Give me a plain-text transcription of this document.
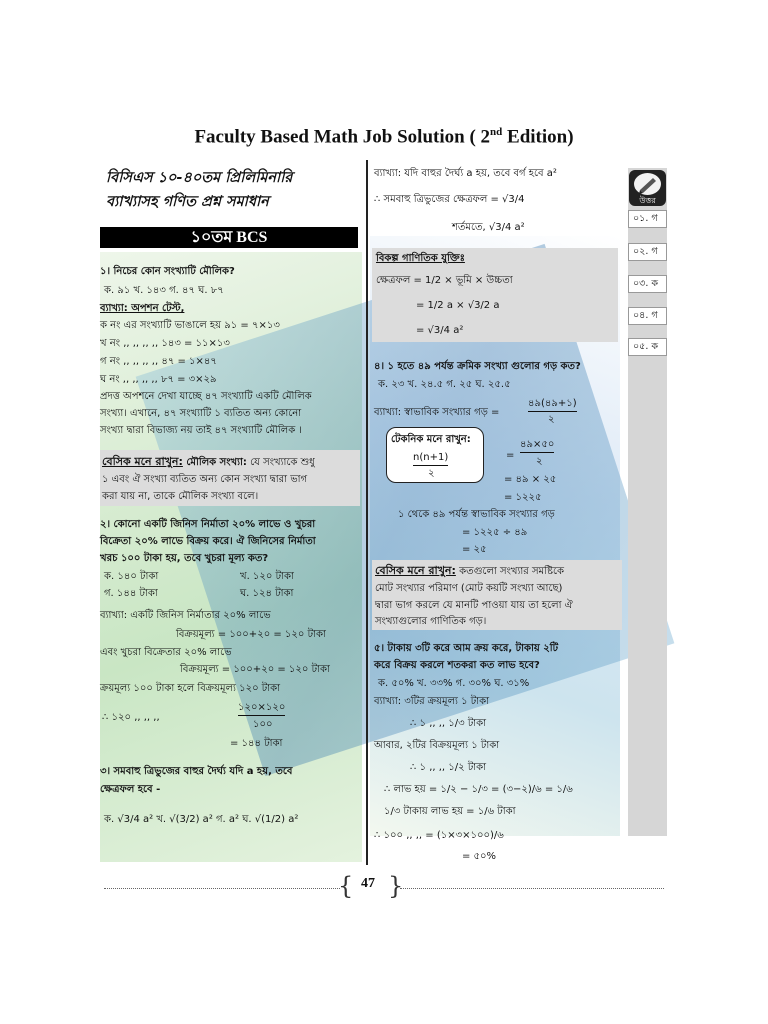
Faculty Based Math Job Solution ( 2nd Edition)
বিসিএস ১০-৪০তম প্রিলিমিনারি
ব্যাখ্যাসহ গণিত প্রশ্ন সমাধান
১০তম BCS
১। নিচের কোন সংখ্যাটি মৌলিক?
ক. ৯১ খ. ১৪৩ গ. ৪৭ ঘ. ৮৭
ব্যাখ্যা: অপশন টেস্ট,
ক নং এর সংখ্যাটি ভাঙালে হয় ৯১ = ৭×১৩
খ নং ,, ,, ,, ,, ১৪৩ = ১১×১৩
গ নং ,, ,, ,, ,, ৪৭ = ১×৪৭
ঘ নং ,, ,, ,, ,, ৮৭ = ৩×২৯
প্রদত্ত অপশনে দেখা যাচ্ছে ৪৭ সংখ্যাটি একটি মৌলিক
সংখ্যা। এখানে, ৪৭ সংখ্যাটি ১ ব্যতিত অন্য কোনো
সংখ্যা দ্বারা বিভাজ্য নয় তাই ৪৭ সংখ্যাটি মৌলিক ।
বেসিক মনে রাখুন: মৌলিক সংখ্যা: যে সংখ্যাকে শুধু
১ এবং ঐ সংখ্যা ব্যতিত অন্য কোন সংখ্যা দ্বারা ভাগ
করা যায় না, তাকে মৌলিক সংখ্যা বলে।
২। কোনো একটি জিনিস নির্মাতা ২০% লাভে ও খুচরা
বিক্রেতা ২০% লাভে বিক্রয় করে। ঐ জিনিসের নির্মাতা
খরচ ১০০ টাকা হয়, তবে খুচরা মূল্য কত?
ক. ১৪০ টাকা	খ. ১২০ টাকা
গ. ১৪৪ টাকা	ঘ. ১২৪ টাকা
ব্যাখ্যা: একটি জিনিস নির্মাতার ২০% লাভে
বিক্রয়মূল্য = ১০০+২০ = ১২০ টাকা
এবং খুচরা বিক্রেতার ২০% লাভে
বিক্রয়মূল্য = ১০০+২০ = ১২০ টাকা
ক্রয়মূল্য ১০০ টাকা হলে বিক্রয়মূল্য ১২০ টাকা
১২০×১২০
∴ ১২০ ,, ,, ,,
১০০
= ১৪৪ টাকা
৩। সমবাহু ত্রিভুজের বাহুর দৈর্ঘ্য যদি a হয়, তবে
ক্ষেত্রফল হবে -
ক. √3/4 a² খ. √(3/2) a² গ. a² ঘ. √(1/2) a²
ব্যাখ্যা: যদি বাহুর দৈর্ঘ্য a হয়, তবে বর্গ হবে a²
∴ সমবাহু ত্রিভুজের ক্ষেত্রফল = √3/4
শর্তমতে, √3/4 a²
বিকল্প গাণিতিক যুক্তিঃ
ক্ষেত্রফল = 1/2 × ভূমি × উচ্চতা
= 1/2 a × √3/2 a
= √3/4 a²
৪। ১ হতে ৪৯ পর্যন্ত ক্রমিক সংখ্যা গুলোর গড় কত?
ক. ২৩ খ. ২৪.৫ গ. ২৫ ঘ. ২৫.৫
ব্যাখ্যা: স্বাভাবিক সংখ্যার গড় =
৪৯(৪৯+১)
২
টেকনিক মনে রাখুন:
n(n+1)
২
=
৪৯×৫০
২
= ৪৯ × ২৫
= ১২২৫
১ থেকে ৪৯ পর্যন্ত স্বাভাবিক সংখ্যার গড়
= ১২২৫ ÷ ৪৯
= ২৫
বেসিক মনে রাখুন: কতগুলো সংখ্যার সমষ্টিকে
মোট সংখ্যার পরিমাণ (মোট কয়টি সংখ্যা আছে)
দ্বারা ভাগ করলে যে মানটি পাওয়া যায় তা হলো ঐ
সংখ্যাগুলোর গাণিতিক গড়।
৫। টাকায় ৩টি করে আম ক্রয় করে, টাকায় ২টি
করে বিক্রয় করলে শতকরা কত লাভ হবে?
ক. ৫০% খ. ৩৩% গ. ৩০% ঘ. ৩১%
ব্যাখ্যা: ৩টির ক্রয়মূল্য ১ টাকা
∴ ১ ,, ,, ১/৩ টাকা
আবার, ২টির বিক্রয়মূল্য ১ টাকা
∴ ১ ,, ,, ১/২ টাকা
∴ লাভ হয় = ১/২ − ১/৩ = (৩−২)/৬ = ১/৬
১/৩ টাকায় লাভ হয় = ১/৬ টাকা
∴ ১০০ ,, ,, = (১×৩×১০০)/৬
= ৫০%
উত্তর
০১. গ
০২. গ
০৩. ক
০৪. গ
০৫. ক
{ }
47
